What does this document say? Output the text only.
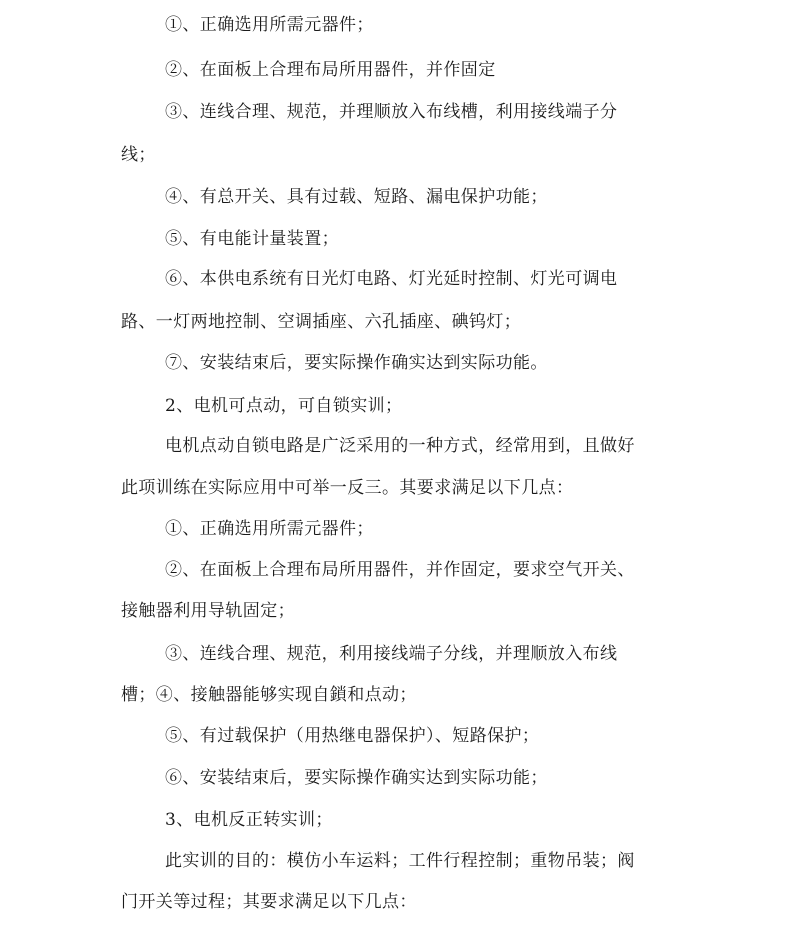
①、正确选用所需元器件；

②、在面板上合理布局所用器件，并作固定

③、连线合理、规范，并理顺放入布线槽，利用接线端子分

线；

④、有总开关、具有过载、短路、漏电保护功能；

⑤、有电能计量装置；

⑥、本供电系统有日光灯电路、灯光延时控制、灯光可调电

路、一灯两地控制、空调插座、六孔插座、碘钨灯；

⑦、安装结束后，要实际操作确实达到实际功能。

2、电机可点动，可自锁实训；

电机点动自锁电路是广泛采用的一种方式，经常用到，且做好

此项训练在实际应用中可举一反三。其要求满足以下几点：

①、正确选用所需元器件；

②、在面板上合理布局所用器件，并作固定，要求空气开关、

接触器利用导轨固定；

③、连线合理、规范，利用接线端子分线，并理顺放入布线

槽；④、接触器能够实现自鎖和点动；

⑤、有过载保护（用热继电器保护）、短路保护；

⑥、安装结束后，要实际操作确实达到实际功能；

3、电机反正转实训；

此实训的目的：模仿小车运料；工件行程控制；重物吊装；阀

门开关等过程；其要求满足以下几点：
